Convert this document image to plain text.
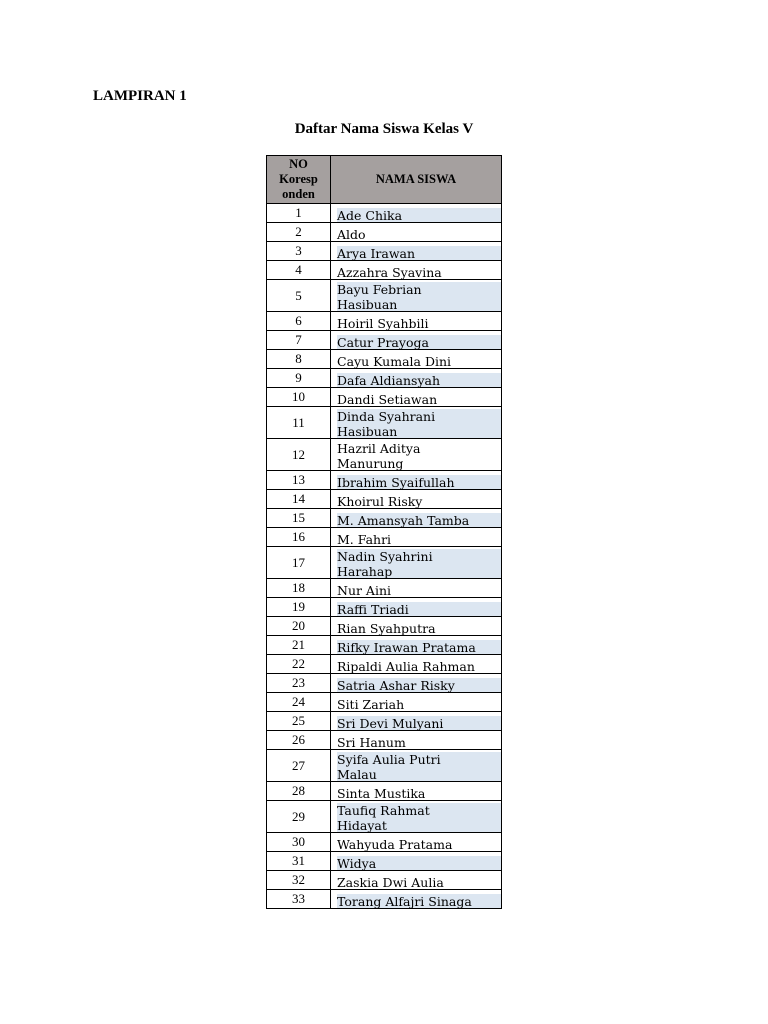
LAMPIRAN 1
Daftar Nama Siswa Kelas V
NO
Koresp
onden	NAMA SISWA
1	Ade Chika

2	Aldo

3	Arya Irawan

4	Azzahra Syavina

5	Bayu Febrian
Hasibuan

6	Hoiril Syahbili

7	Catur Prayoga

8	Cayu Kumala Dini

9	Dafa Aldiansyah

10	Dandi Setiawan

11	Dinda Syahrani
Hasibuan

12	Hazril Aditya
Manurung

13	Ibrahim Syaifullah

14	Khoirul Risky

15	M. Amansyah Tamba

16	M. Fahri

17	Nadin Syahrini
Harahap

18	Nur Aini

19	Raffi Triadi

20	Rian Syahputra

21	Rifky Irawan Pratama

22	Ripaldi Aulia Rahman

23	Satria Ashar Risky

24	Siti Zariah

25	Sri Devi Mulyani

26	Sri Hanum

27	Syifa Aulia Putri
Malau

28	Sinta Mustika

29	Taufiq Rahmat
Hidayat

30	Wahyuda Pratama

31	Widya

32	Zaskia Dwi Aulia

33	Torang Alfajri Sinaga
